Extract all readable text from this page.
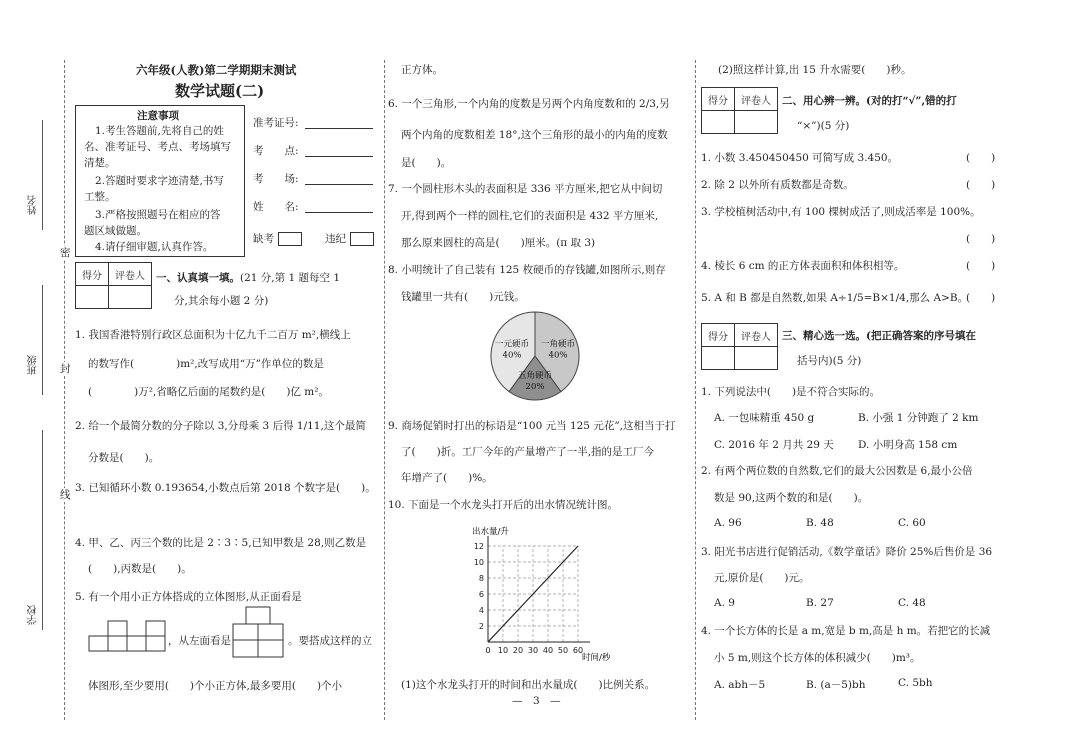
姓名
班级
学校
密
封
线
六年级(人教)第二学期期末测试
数学试题(二)
注意事项
1.考生答题前,先将自己的姓
名、准考证号、考点、考场填写
清楚。
2.答题时要求字迹清楚,书写
工整。
3.严格按照题号在相应的答
题区域做题。
4.请仔细审题,认真作答。
准考证号:
考　　点:
考　　场:
姓　　名:
缺考	违纪
得分	评卷人
	一、认真填一填。(21 分,第 1 题每空 1
分,其余每小题 2 分)
1. 我国香港特别行政区总面积为十亿九千二百万 m²,横线上
的数写作(　　　　)m²,改写成用“万”作单位的数是
(　　　　)万²,省略亿后面的尾数约是(　　)亿 m²。
2. 给一个最简分数的分子除以 3,分母乘 3 后得 1/11,这个最简
分数是(　　)。
3. 已知循环小数 0.193654,小数点后第 2018 个数字是(　　)。
4. 甲、乙、丙三个数的比是 2∶3∶5,已知甲数是 28,则乙数是
(　　),丙数是(　　)。
5. 有一个用小正方体搭成的立体图形,从正面看是
，从左面看是	。要搭成这样的立
体图形,至少要用(　　)个小正方体,最多要用(　　)个小
正方体。
6. 一个三角形,一个内角的度数是另两个内角度数和的 2/3,另
两个内角的度数相差 18°,这个三角形的最小的内角的度数
是(　　)。
7. 一个圆柱形木头的表面积是 336 平方厘米,把它从中间切
开,得到两个一样的圆柱,它们的表面积是 432 平方厘米,
那么原来圆柱的高是(　　)厘米。(π 取 3)
8. 小明统计了自己装有 125 枚硬币的存钱罐,如图所示,则存
钱罐里一共有(　　)元钱。
一元硬币
40%
一角硬币
40%
五角硬币
20%
9. 商场促销时打出的标语是“100 元当 125 元花”,这相当于打
了(　　)折。工厂今年的产量增产了一半,指的是工厂今
年增产了(　　)%。
10. 下面是一个水龙头打开后的出水情况统计图。
0 10 20 30 40 50 60
2
4
6
8
10
12
出水量/升
时间/秒
(1)这个水龙头打开的时间和出水量成(　　)比例关系。
—　3　—
(2)照这样计算,出 15 升水需要(　　)秒。
得分	评卷人
	二、用心辨一辨。(对的打“√”,错的打
“×”)(5 分)
1. 小数 3.450450450 可简写成 3.450。	(　　)
2. 除 2 以外所有质数都是奇数。	(　　)
3. 学校植树活动中,有 100 棵树成活了,则成活率是 100%。
(　　)
4. 棱长 6 cm 的正方体表面积和体积相等。	(　　)
5. A 和 B 都是自然数,如果 A÷1/5=B×1/4,那么 A>B。
(　　)
得分	评卷人
	三、精心选一选。(把正确答案的序号填在
括号内)(5 分)
1. 下列说法中(　　)是不符合实际的。
A. 一包味精重 450 g	B. 小强 1 分钟跑了 2 km
C. 2016 年 2 月共 29 天 D. 小明身高 158 cm
2. 有两个两位数的自然数,它们的最大公因数是 6,最小公倍
数是 90,这两个数的和是(　　)。
A. 96	B. 48	C. 60
3. 阳光书店进行促销活动,《数学童话》降价 25%后售价是 36
元,原价是(　　)元。
A. 9	B. 27	C. 48
4. 一个长方体的长是 a m,宽是 b m,高是 h m。若把它的长减
小 5 m,则这个长方体的体积减少(　　)m³。
A. abh－5	B. (a－5)bh	C. 5bh
